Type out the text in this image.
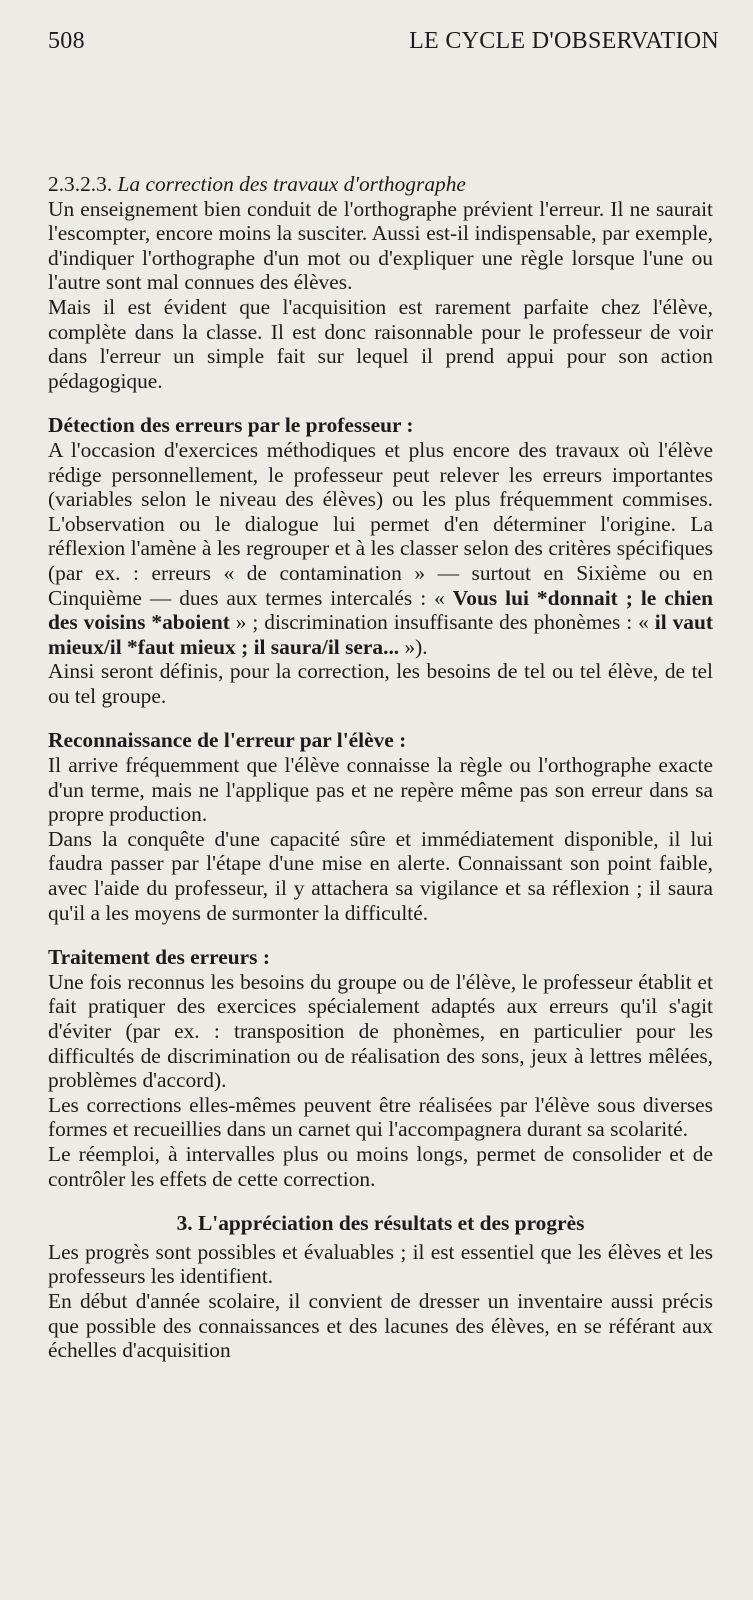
508	LE CYCLE D'OBSERVATION

2.3.2.3. La correction des travaux d'orthographe

Un enseignement bien conduit de l'orthographe prévient l'erreur. Il ne saurait l'escompter, encore moins la susciter. Aussi est-il indispensable, par exemple, d'indiquer l'orthographe d'un mot ou d'expliquer une règle lorsque l'une ou l'autre sont mal connues des élèves.

Mais il est évident que l'acquisition est rarement parfaite chez l'élève, complète dans la classe. Il est donc raisonnable pour le professeur de voir dans l'erreur un simple fait sur lequel il prend appui pour son action pédagogique.

Détection des erreurs par le professeur :

A l'occasion d'exercices méthodiques et plus encore des travaux où l'élève rédige personnellement, le professeur peut relever les erreurs importantes (variables selon le niveau des élèves) ou les plus fréquemment commises. L'observation ou le dialogue lui permet d'en déterminer l'origine. La réflexion l'amène à les regrouper et à les classer selon des critères spécifiques (par ex. : erreurs « de contamination » — surtout en Sixième ou en Cinquième — dues aux termes intercalés : « Vous lui *donnait ; le chien des voisins *aboient » ; discrimination insuffisante des phonèmes : « il vaut mieux/il *faut mieux ; il saura/il sera... »).

Ainsi seront définis, pour la correction, les besoins de tel ou tel élève, de tel ou tel groupe.

Reconnaissance de l'erreur par l'élève :

Il arrive fréquemment que l'élève connaisse la règle ou l'orthographe exacte d'un terme, mais ne l'applique pas et ne repère même pas son erreur dans sa propre production.

Dans la conquête d'une capacité sûre et immédiatement disponible, il lui faudra passer par l'étape d'une mise en alerte. Connaissant son point faible, avec l'aide du professeur, il y attachera sa vigilance et sa réflexion ; il saura qu'il a les moyens de surmonter la difficulté.

Traitement des erreurs :

Une fois reconnus les besoins du groupe ou de l'élève, le professeur établit et fait pratiquer des exercices spécialement adaptés aux erreurs qu'il s'agit d'éviter (par ex. : transposition de phonèmes, en particulier pour les difficultés de discrimination ou de réalisation des sons, jeux à lettres mêlées, problèmes d'accord).

Les corrections elles-mêmes peuvent être réalisées par l'élève sous diverses formes et recueillies dans un carnet qui l'accompagnera durant sa scolarité.

Le réemploi, à intervalles plus ou moins longs, permet de consolider et de contrôler les effets de cette correction.

3. L'appréciation des résultats et des progrès

Les progrès sont possibles et évaluables ; il est essentiel que les élèves et les professeurs les identifient.

En début d'année scolaire, il convient de dresser un inventaire aussi précis que possible des connaissances et des lacunes des élèves, en se référant aux échelles d'acquisition
